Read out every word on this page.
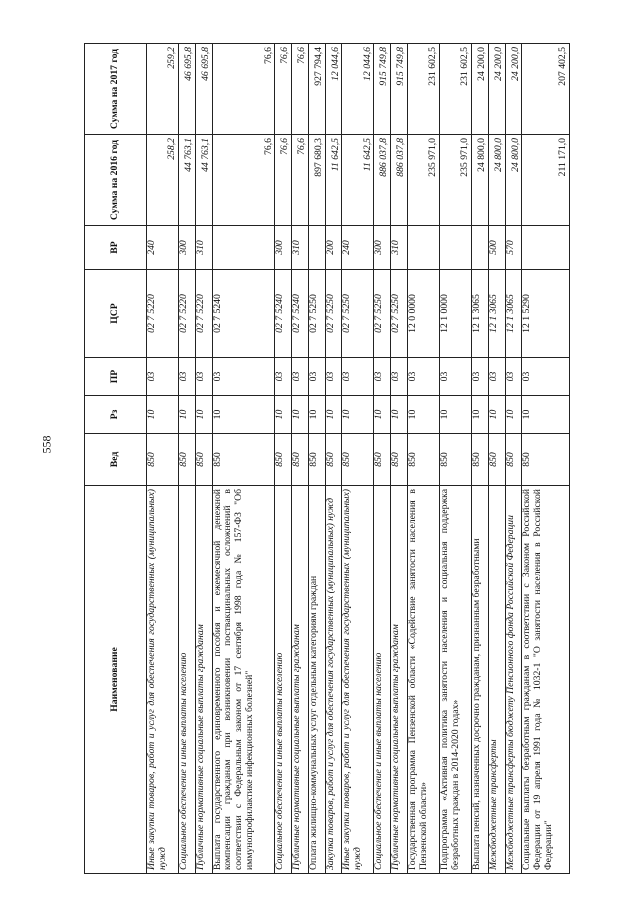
558
Наименование	Вед	Рз	ПР	ЦСР	ВР	Сумма на 2016 год	Сумма на 2017 год
Иные закупки товаров, работ и услуг для обеспечения государственных (муниципальных) нужд	850	10	03	02 7 5220	240	258,2	259,2
Социальное обеспечение и иные выплаты населению	850	10	03	02 7 5220	300	44 763,1	46 695,8
Публичные нормативные социальные выплаты гражданам	850	10	03	02 7 5220	310	44 763,1	46 695,8
Выплата государственного единовременного пособия и ежемесячной денежной компенсации гражданам при возникновении поствакцинальных осложнений в соответствии с Федеральным законом от 17 сентября 1998 года № 157-ФЗ "Об иммунопрофилактике инфекционных болезней"	850	10	03	02 7 5240		76,6	76,6
Социальное обеспечение и иные выплаты населению	850	10	03	02 7 5240	300	76,6	76,6
Публичные нормативные социальные выплаты гражданам	850	10	03	02 7 5240	310	76,6	76,6
Оплата жилищно-коммунальных услуг отдельным категориям граждан	850	10	03	02 7 5250		897 680,3	927 794,4
Закупка товаров, работ и услуг для обеспечения государственных (муниципальных) нужд	850	10	03	02 7 5250	200	11 642,5	12 044,6
Иные закупки товаров, работ и услуг для обеспечения государственных (муниципальных) нужд	850	10	03	02 7 5250	240	11 642,5	12 044,6
Социальное обеспечение и иные выплаты населению	850	10	03	02 7 5250	300	886 037,8	915 749,8
Публичные нормативные социальные выплаты гражданам	850	10	03	02 7 5250	310	886 037,8	915 749,8
Государственная программа Пензенской области «Содействие занятости населения в Пензенской области»	850	10	03	12 0 0000		235 971,0	231 602,5
Подпрограмма «Активная политика занятости населения и социальная поддержка безработных граждан в 2014-2020 годах»	850	10	03	12 1 0000		235 971,0	231 602,5
Выплата пенсий, назначенных досрочно гражданам, признанным безработными	850	10	03	12 1 3065		24 800,0	24 200,0
Межбюджетные трансферты	850	10	03	12 1 3065	500	24 800,0	24 200,0
Межбюджетные трансферты бюджету Пенсионного фонда Российской Федерации	850	10	03	12 1 3065	570	24 800,0	24 200,0
Социальные выплаты безработным гражданам в соответствии с Законом Российской Федерации от 19 апреля 1991 года № 1032-1 "О занятости населения в Российской Федерации"	850	10	03	12 1 5290		211 171,0	207 402,5
